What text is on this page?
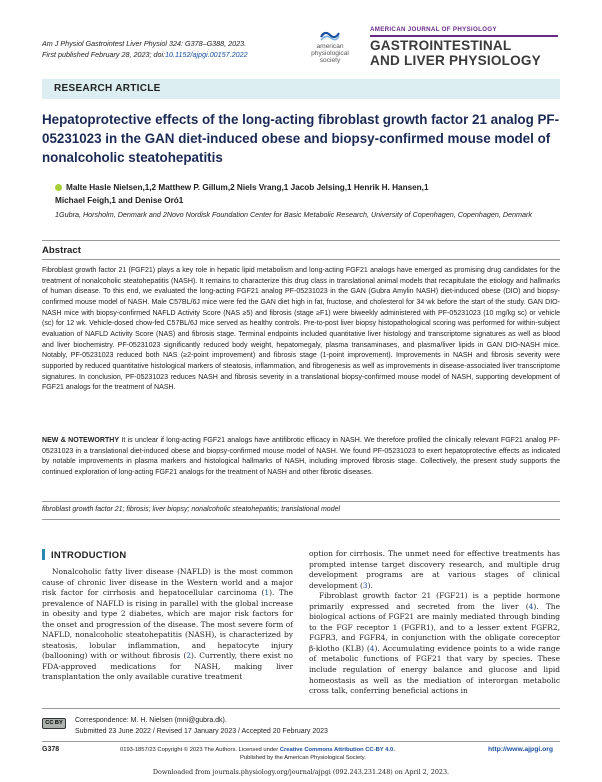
Am J Physiol Gastrointest Liver Physiol 324: G378–G388, 2023.
First published February 28, 2023; doi:10.1152/ajpgi.00157.2022
american
physiological
society
AMERICAN JOURNAL OF PHYSIOLOGY
GASTROINTESTINAL
AND LIVER PHYSIOLOGY
RESEARCH ARTICLE
Hepatoprotective effects of the long-acting fibroblast growth factor 21 analog PF-05231023 in the GAN diet-induced obese and biopsy-confirmed mouse model of nonalcoholic steatohepatitis
Malte Hasle Nielsen,1,2 Matthew P. Gillum,2 Niels Vrang,1 Jacob Jelsing,1 Henrik H. Hansen,1
Michael Feigh,1 and Denise Oró1
1Gubra, Horsholm, Denmark and 2Novo Nordisk Foundation Center for Basic Metabolic Research, University of Copenhagen, Copenhagen, Denmark
Abstract

Fibroblast growth factor 21 (FGF21) plays a key role in hepatic lipid metabolism and long-acting FGF21 analogs have emerged as promising drug candidates for the treatment of nonalcoholic steatohepatitis (NASH). It remains to characterize this drug class in translational animal models that recapitulate the etiology and hallmarks of human disease. To this end, we evaluated the long-acting FGF21 analog PF-05231023 in the GAN (Gubra Amylin NASH) diet-induced obese (DIO) and biopsy-confirmed mouse model of NASH. Male C57BL/6J mice were fed the GAN diet high in fat, fructose, and cholesterol for 34 wk before the start of the study. GAN DIO-NASH mice with biopsy-confirmed NAFLD Activity Score (NAS ≥5) and fibrosis (stage ≥F1) were biweekly administered with PF-05231023 (10 mg/kg sc) or vehicle (sc) for 12 wk. Vehicle-dosed chow-fed C57BL/6J mice served as healthy controls. Pre-to-post liver biopsy histopathological scoring was performed for within-subject evaluation of NAFLD Activity Score (NAS) and fibrosis stage. Terminal endpoints included quantitative liver histology and transcriptome signatures as well as blood and liver biochemistry. PF-05231023 significantly reduced body weight, hepatomegaly, plasma transaminases, and plasma/liver lipids in GAN DIO-NASH mice. Notably, PF-05231023 reduced both NAS (≥2-point improvement) and fibrosis stage (1-point improvement). Improvements in NASH and fibrosis severity were supported by reduced quantitative histological markers of steatosis, inflammation, and fibrogenesis as well as improvements in disease-associated liver transcriptome signatures. In conclusion, PF-05231023 reduces NASH and fibrosis severity in a translational biopsy-confirmed mouse model of NASH, supporting development of FGF21 analogs for the treatment of NASH.

NEW & NOTEWORTHY It is unclear if long-acting FGF21 analogs have antifibrotic efficacy in NASH. We therefore profiled the clinically relevant FGF21 analog PF-05231023 in a translational diet-induced obese and biopsy-confirmed mouse model of NASH. We found PF-05231023 to exert hepatoprotective effects as indicated by notable improvements in plasma markers and histological hallmarks of NASH, including improved fibrosis stage. Collectively, the present study supports the continued exploration of long-acting FGF21 analogs for the treatment of NASH and other fibrotic diseases.

fibroblast growth factor 21; fibrosis; liver biopsy; nonalcoholic steatohepatitis; translational model
INTRODUCTION

Nonalcoholic fatty liver disease (NAFLD) is the most common cause of chronic liver disease in the Western world and a major risk factor for cirrhosis and hepatocellular carcinoma (1). The prevalence of NAFLD is rising in parallel with the global increase in obesity and type 2 diabetes, which are major risk factors for the onset and progression of the disease. The most severe form of NAFLD, nonalcoholic steatohepatitis (NASH), is characterized by steatosis, lobular inflammation, and hepatocyte injury (ballooning) with or without fibrosis (2). Currently, there exist no FDA-approved medications for NASH, making liver transplantation the only available curative treatment

option for cirrhosis. The unmet need for effective treatments has prompted intense target discovery research, and multiple drug development programs are at various stages of clinical development (3).

Fibroblast growth factor 21 (FGF21) is a peptide hormone primarily expressed and secreted from the liver (4). The biological actions of FGF21 are mainly mediated through binding to the FGF receptor 1 (FGFR1), and to a lesser extent FGFR2, FGFR3, and FGFR4, in conjunction with the obligate coreceptor β-klotho (KLB) (4). Accumulating evidence points to a wide range of metabolic functions of FGF21 that vary by species. These include regulation of energy balance and glucose and lipid homeostasis as well as the mediation of interorgan metabolic cross talk, conferring beneficial actions in

CC BY	Correspondence: M. H. Nielsen (mni@gubra.dk).
Submitted 23 June 2022 / Revised 17 January 2023 / Accepted 20 February 2023
G378	0193-1857/23 Copyright © 2023 The Authors. Licensed under Creative Commons Attribution CC-BY 4.0.
Published by the American Physiological Society.
http://www.ajpgi.org
Downloaded from journals.physiology.org/journal/ajpgi (092.243.231.248) on April 2, 2023.
